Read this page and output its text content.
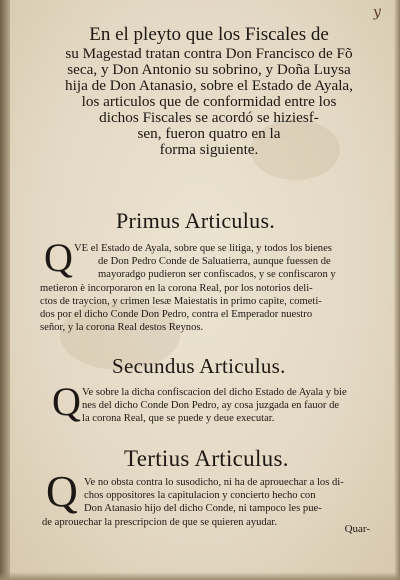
y
En el pleyto que los Fiscales de
su Magestad tratan contra Don Francisco de Fõ
seca, y Don Antonio su sobrino, y Doña Luysa
hija de Don Atanasio, sobre el Estado de Ayala,
los articulos que de conformidad entre los
dichos Fiscales se acordó se hiziesf-
sen, fueron quatro en la
forma siguiente.
Primus Articulus.
Q VE el Estado de Ayala, sobre que se litiga, y todos los bienes
de Don Pedro Conde de Saluatierra, aunque fuessen de
mayoradgo pudieron ser confiscados, y se confiscaron y
metieron è incorporaron en la corona Real, por los notorios deli-
ctos de traycion, y crimen lesæ Maiestatis in primo capite, cometi-
dos por el dicho Conde Don Pedro, contra el Emperador nuestro
señor, y la corona Real destos Reynos.
Secundus Articulus.
Q Ve sobre la dicha confiscacion del dicho Estado de Ayala y bie
nes del dicho Conde Don Pedro, ay cosa juzgada en fauor de
la corona Real, que se puede y deue executar.
Tertius Articulus.
Q Ve no obsta contra lo susodicho, ni ha de aprouechar a los di-
chos oppositores la capitulacion y concierto hecho con
Don Atanasio hijo del dicho Conde, ni tampoco les pue-
de aprouechar la prescripcion de que se quieren ayudar.
Quar-
